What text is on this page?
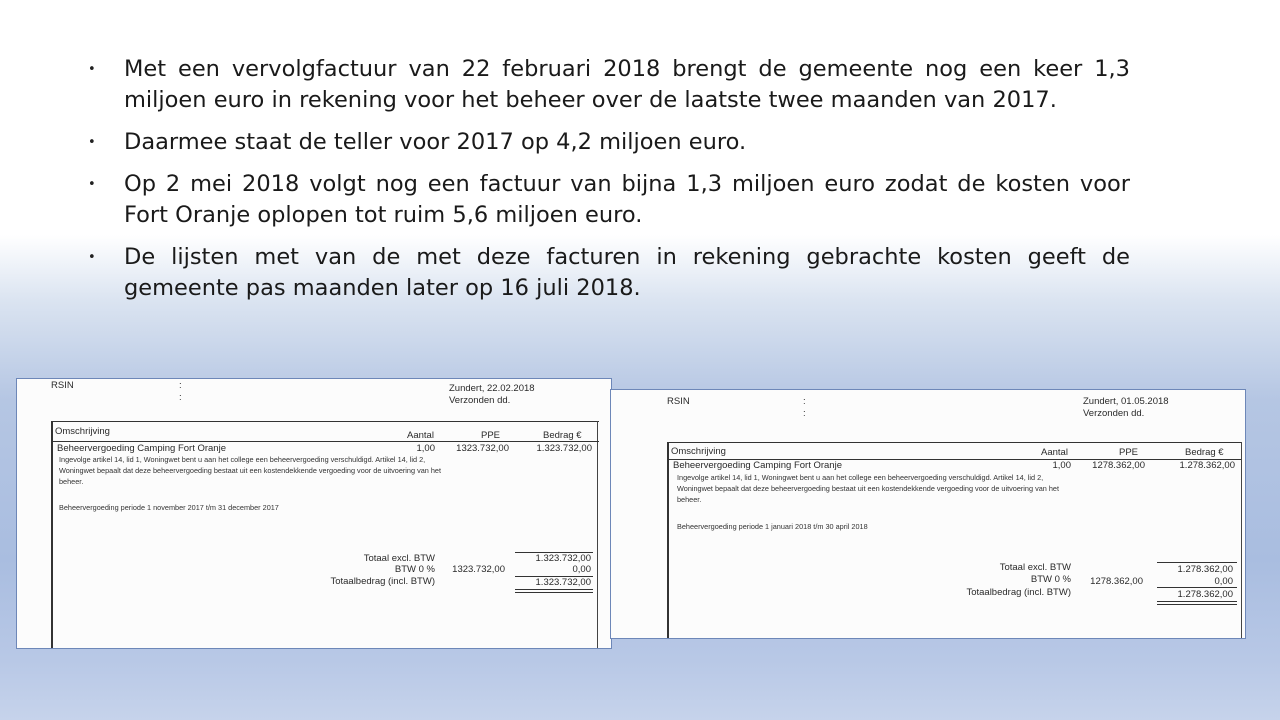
• Met een vervolgfactuur van 22 februari 2018 brengt de gemeente nog een keer 1,3 miljoen euro in rekening voor het beheer over de laatste twee maanden van 2017.
• Daarmee staat de teller voor 2017 op 4,2 miljoen euro.
• Op 2 mei 2018 volgt nog een factuur van bijna 1,3 miljoen euro zodat de kosten voor Fort Oranje oplopen tot ruim 5,6 miljoen euro.
• De lijsten met van de met deze facturen in rekening gebrachte kosten geeft de gemeente pas maanden later op 16 juli 2018.
RSIN	:
:
Zundert, 22.02.2018
Verzonden dd.
Omschrijving	Aantal	PPE	Bedrag €
Beheervergoeding Camping Fort Oranje	1,00	1323.732,00	1.323.732,00
Ingevolge artikel 14, lid 1, Woningwet bent u aan het college een beheervergoeding verschuldigd. Artikel 14, lid 2, Woningwet bepaalt dat deze beheervergoeding bestaat uit een kostendekkende vergoeding voor de uitvoering van het beheer.
Beheervergoeding periode 1 november 2017 t/m 31 december 2017
Totaal excl. BTW	1.323.732,00
BTW 0 %	1323.732,00	0,00
Totaalbedrag (incl. BTW)	1.323.732,00
RSIN	:
:
Zundert, 01.05.2018
Verzonden dd.
Omschrijving	Aantal	PPE	Bedrag €
Beheervergoeding Camping Fort Oranje	1,00	1278.362,00	1.278.362,00
Ingevolge artikel 14, lid 1, Woningwet bent u aan het college een beheervergoeding verschuldigd. Artikel 14, lid 2, Woningwet bepaalt dat deze beheervergoeding bestaat uit een kostendekkende vergoeding voor de uitvoering van het beheer.
Beheervergoeding periode 1 januari 2018 t/m 30 april 2018
Totaal excl. BTW	1.278.362,00
BTW 0 %	1278.362,00	0,00
Totaalbedrag (incl. BTW)	1.278.362,00
